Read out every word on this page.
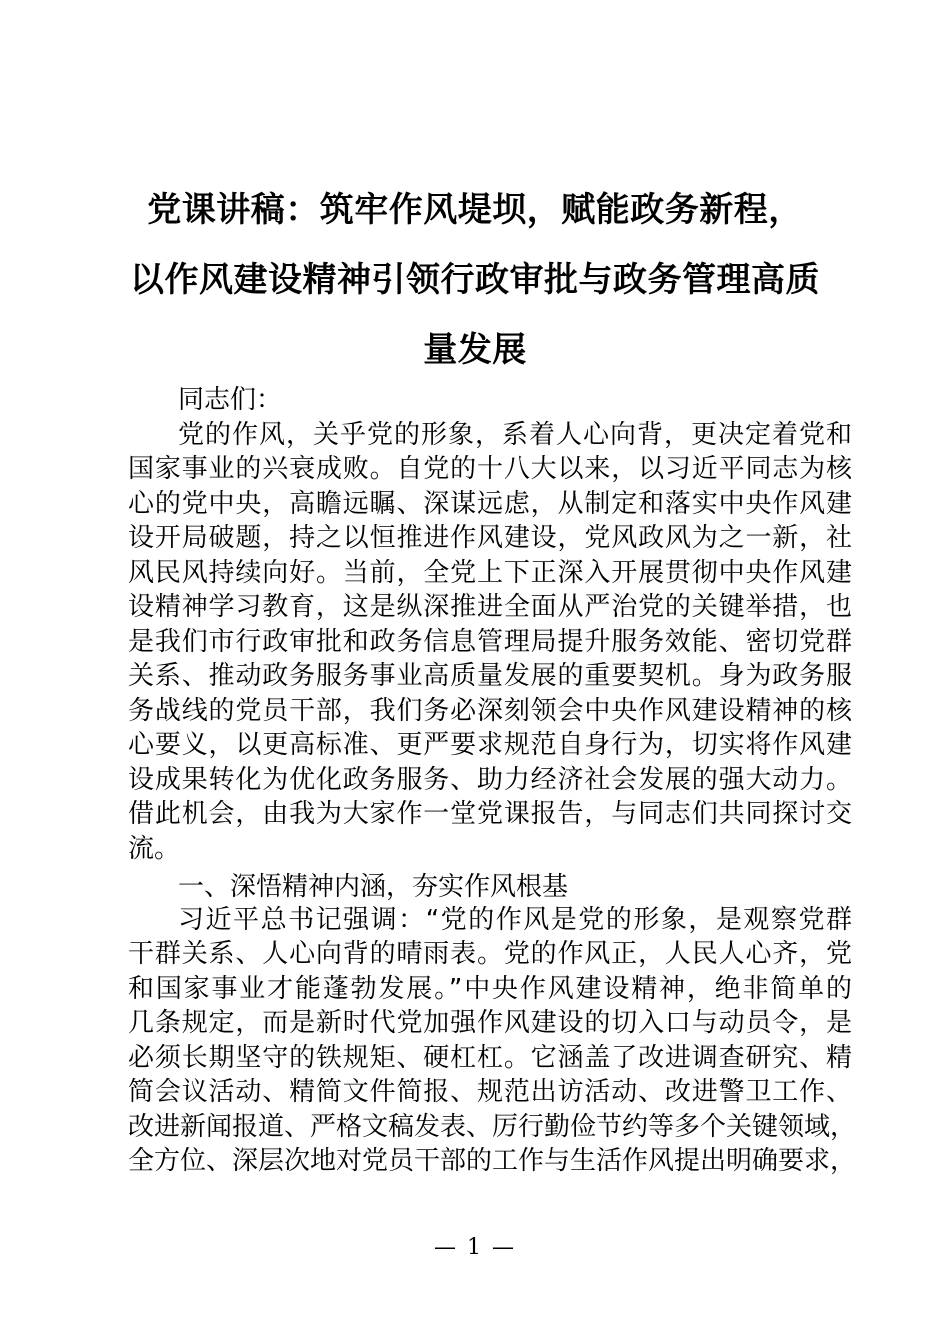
党课讲稿：筑牢作风堤坝，赋能政务新程，
以作风建设精神引领行政审批与政务管理高质
量发展

同志们：

党的作风，关乎党的形象，系着人心向背，更决定着党和

国家事业的兴衰成败。自党的十八大以来，以习近平同志为核

心的党中央，高瞻远瞩、深谋远虑，从制定和落实中央作风建

设开局破题，持之以恒推进作风建设，党风政风为之一新，社

风民风持续向好。当前，全党上下正深入开展贯彻中央作风建

设精神学习教育，这是纵深推进全面从严治党的关键举措，也

是我们市行政审批和政务信息管理局提升服务效能、密切党群

关系、推动政务服务事业高质量发展的重要契机。身为政务服

务战线的党员干部，我们务必深刻领会中央作风建设精神的核

心要义，以更高标准、更严要求规范自身行为，切实将作风建

设成果转化为优化政务服务、助力经济社会发展的强大动力。

借此机会，由我为大家作一堂党课报告，与同志们共同探讨交

流。

一、深悟精神内涵，夯实作风根基

习近平总书记强调：“党的作风是党的形象，是观察党群

干群关系、人心向背的晴雨表。党的作风正，人民人心齐，党

和国家事业才能蓬勃发展。”中央作风建设精神，绝非简单的

几条规定，而是新时代党加强作风建设的切入口与动员令，是

必须长期坚守的铁规矩、硬杠杠。它涵盖了改进调查研究、精

简会议活动、精简文件简报、规范出访活动、改进警卫工作、

改进新闻报道、严格文稿发表、厉行勤俭节约等多个关键领域，

全方位、深层次地对党员干部的工作与生活作风提出明确要求，

— 1 —
